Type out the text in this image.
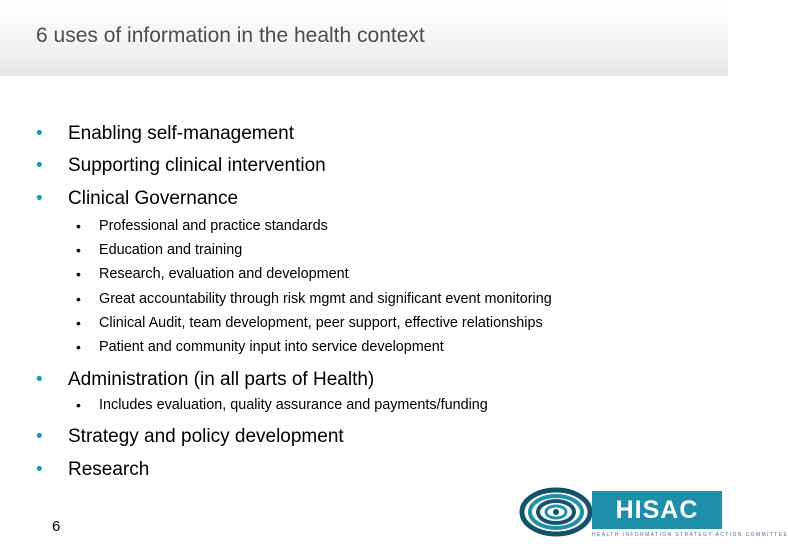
6 uses of information in the health context
• Enabling self-management
• Supporting clinical intervention
• Clinical Governance
• Professional and practice standards
• Education and training
• Research, evaluation and development
• Great accountability through risk mgmt and significant event monitoring
• Clinical Audit, team development, peer support, effective relationships
• Patient and community input into service development
• Administration (in all parts of Health)
• Includes evaluation, quality assurance and payments/funding
• Strategy and policy development
• Research
6
HISAC
HEALTH INFORMATION STRATEGY ACTION COMMITTEE
